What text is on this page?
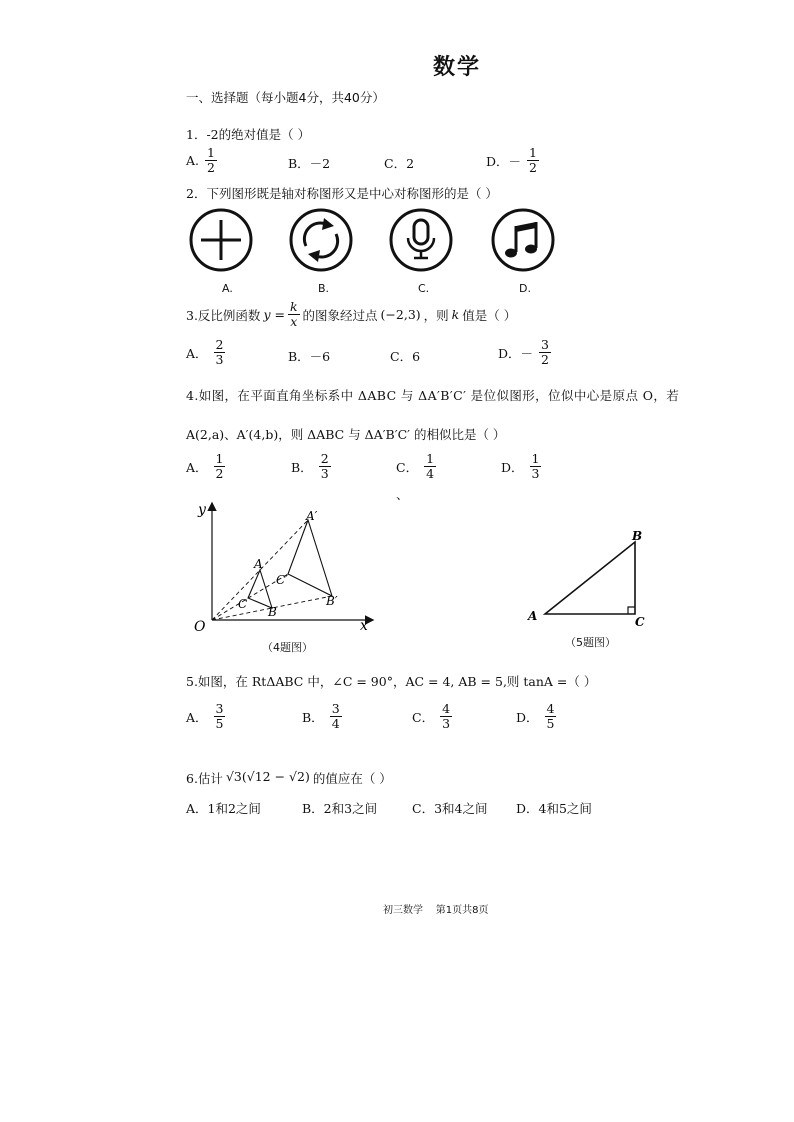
数学
一、选择题（每小题4分，共40分）
1．-2的绝对值是（ ）
A. $\frac{1}{2}$	B．－2	C．2	D．－ $\frac{1}{2}$
2．下列图形既是轴对称图形又是中心对称图形的是（ ）
A.	B.	C.	D.
3.反比例函数 $y = \frac{k}{x}$ 的图象经过点 (−2,3) ，则 k 值是（ ）
A． $\frac{2}{3}$	B．－6	C．6	D．－ $\frac{3}{2}$
4.如图，在平面直角坐标系中 ΔABC 与 ΔA′B′C′ 是位似图形，位似中心是原点 O，若
A(2,a)、A′(4,b)，则 ΔABC 与 ΔA′B′C′ 的相似比是（ ）
A． $\frac{1}{2}$	B． $\frac{2}{3}$	C． $\frac{1}{4}$	D． $\frac{1}{3}$
、
y
x
O
A
C
B
A′
C′
B′
（4题图）
A
B
C
（5题图）
5.如图，在 RtΔABC 中，∠C = 90°，AC = 4, AB = 5,则 tanA =（ ）
A． $\frac{3}{5}$	B． $\frac{3}{4}$	C． $\frac{4}{3}$	D． $\frac{4}{5}$
6.估计 √3(√12 − √2) 的值应在（ ）
A．1和2之间	B．2和3之间	C．3和4之间 D．4和5之间
初三数学    第1页共8页
